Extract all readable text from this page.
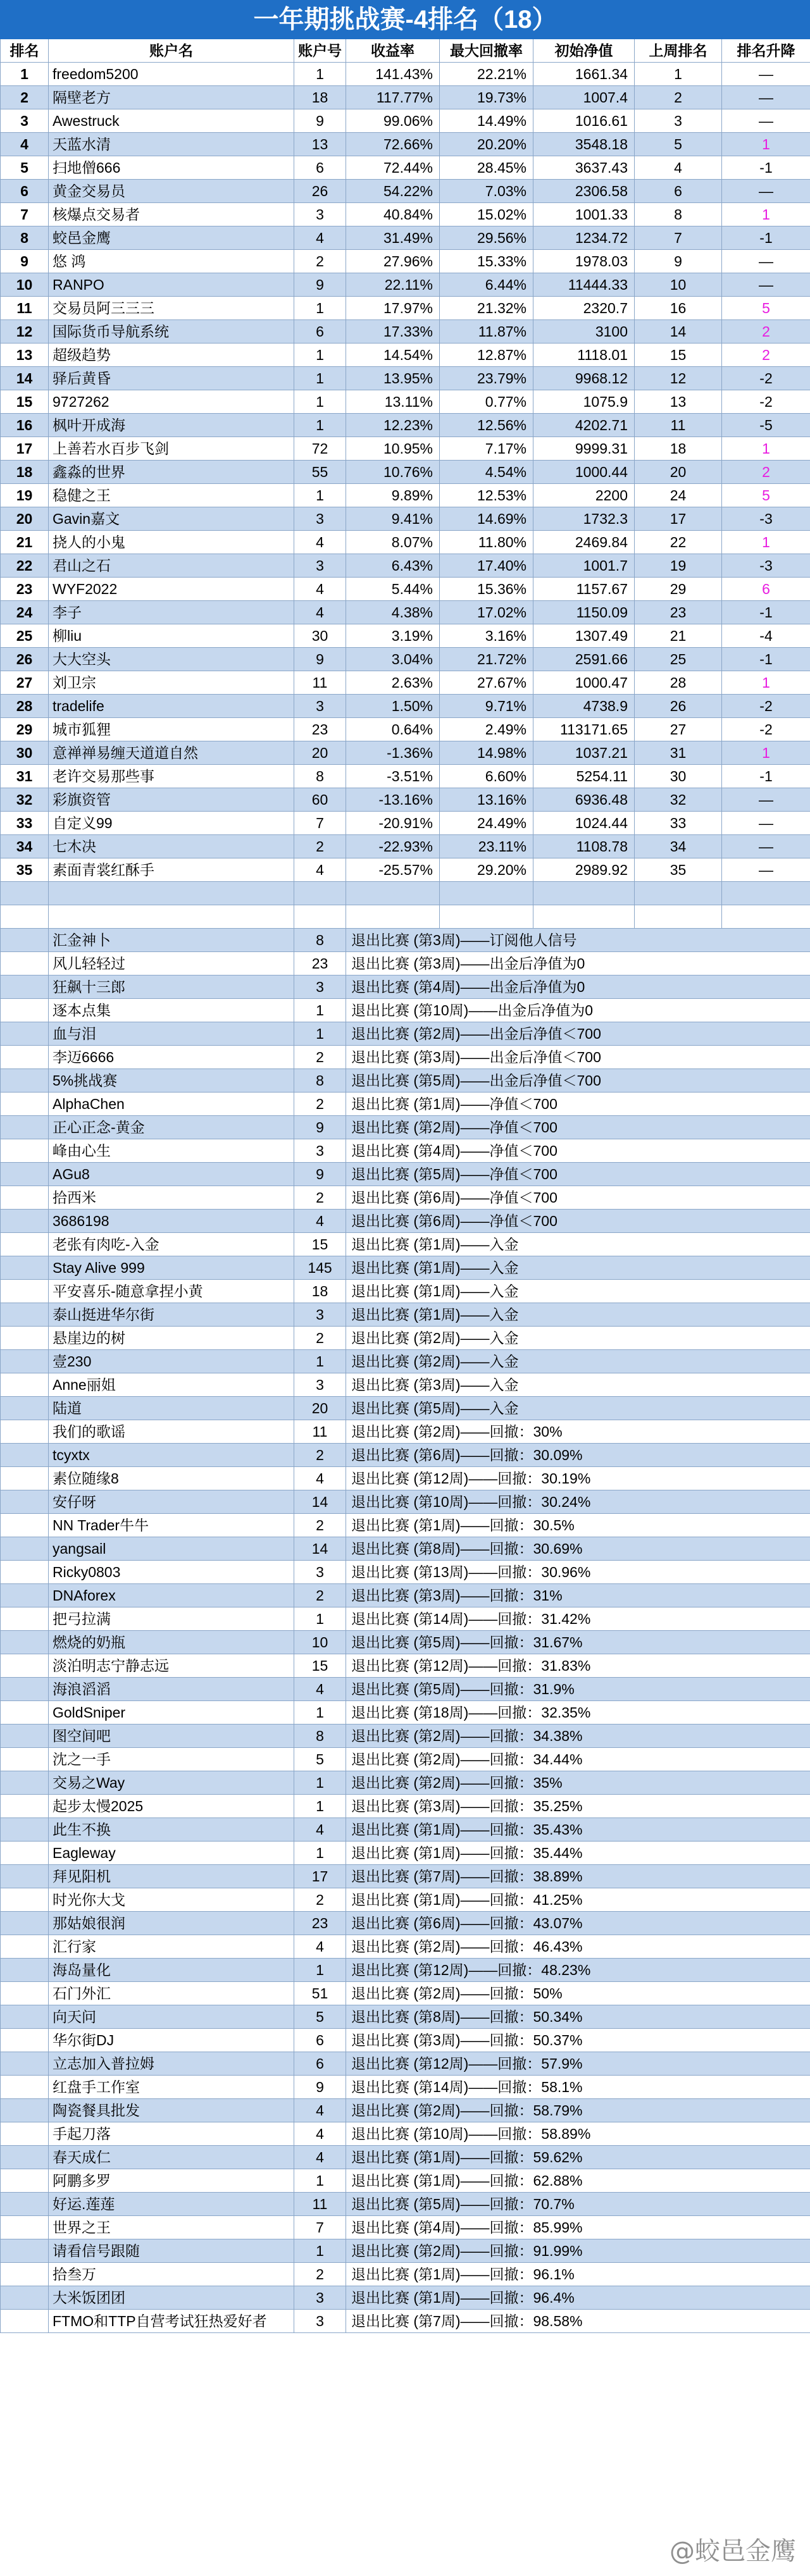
一年期挑战赛-4排名（18）							
排名	账户名	账户号	收益率	最大回撤率	初始净值	上周排名	排名升降
1	freedom5200	1	141.43%	22.21%	1661.34	1	—
2	隔壁老方	18	117.77%	19.73%	1007.4	2	—
3	Awestruck	9	99.06%	14.49%	1016.61	3	—
4	天蓝水清	13	72.66%	20.20%	3548.18	5	1
5	扫地僧666	6	72.44%	28.45%	3637.43	4	-1
6	黄金交易员	26	54.22%	7.03%	2306.58	6	—
7	核爆点交易者	3	40.84%	15.02%	1001.33	8	1
8	蛟邑金鹰	4	31.49%	29.56%	1234.72	7	-1
9	悠 鸿	2	27.96%	15.33%	1978.03	9	—
10	RANPO	9	22.11%	6.44%	11444.33	10	—
11	交易员阿三三三	1	17.97%	21.32%	2320.7	16	5
12	国际货币导航系统	6	17.33%	11.87%	3100	14	2
13	超级趋势	1	14.54%	12.87%	1118.01	15	2
14	驿后黄昏	1	13.95%	23.79%	9968.12	12	-2
15	9727262	1	13.11%	0.77%	1075.9	13	-2
16	枫叶开成海	1	12.23%	12.56%	4202.71	11	-5
17	上善若水百步飞剑	72	10.95%	7.17%	9999.31	18	1
18	鑫淼的世界	55	10.76%	4.54%	1000.44	20	2
19	稳健之王	1	9.89%	12.53%	2200	24	5
20	Gavin嘉文	3	9.41%	14.69%	1732.3	17	-3
21	挠人的小鬼	4	8.07%	11.80%	2469.84	22	1
22	君山之石	3	6.43%	17.40%	1001.7	19	-3
23	WYF2022	4	5.44%	15.36%	1157.67	29	6
24	李子	4	4.38%	17.02%	1150.09	23	-1
25	柳liu	30	3.19%	3.16%	1307.49	21	-4
26	大大空头	9	3.04%	21.72%	2591.66	25	-1
27	刘卫宗	11	2.63%	27.67%	1000.47	28	1
28	tradelife	3	1.50%	9.71%	4738.9	26	-2
29	城市狐狸	23	0.64%	2.49%	113171.65	27	-2
30	意禅禅易缠天道道自然	20	-1.36%	14.98%	1037.21	31	1
31	老许交易那些事	8	-3.51%	6.60%	5254.11	30	-1
32	彩旗资管	60	-13.16%	13.16%	6936.48	32	—
33	自定义99	7	-20.91%	24.49%	1024.44	33	—
34	七木决	2	-22.93%	23.11%	1108.78	34	—
35	素面青裳红酥手	4	-25.57%	29.20%	2989.92	35	—

	汇金神卜	8	退出比赛 (第3周)——订阅他人信号				
	风儿轻轻过	23	退出比赛 (第3周)——出金后净值为0				
	狂飙十三郎	3	退出比赛 (第4周)——出金后净值为0				
	逐本点集	1	退出比赛 (第10周)——出金后净值为0				
	血与泪	1	退出比赛 (第2周)——出金后净值＜700				
	李迈6666	2	退出比赛 (第3周)——出金后净值＜700				
	5%挑战赛	8	退出比赛 (第5周)——出金后净值＜700				
	AlphaChen	2	退出比赛 (第1周)——净值＜700				
	正心正念-黄金	9	退出比赛 (第2周)——净值＜700				
	峰由心生	3	退出比赛 (第4周)——净值＜700				
	AGu8	9	退出比赛 (第5周)——净值＜700				
	拾西米	2	退出比赛 (第6周)——净值＜700				
	3686198	4	退出比赛 (第6周)——净值＜700				
	老张有肉吃-入金	15	退出比赛 (第1周)——入金				
	Stay Alive 999	145	退出比赛 (第1周)——入金				
	平安喜乐-随意拿捏小黄	18	退出比赛 (第1周)——入金				
	泰山挺进华尔街	3	退出比赛 (第1周)——入金				
	悬崖边的树	2	退出比赛 (第2周)——入金				
	壹230	1	退出比赛 (第2周)——入金				
	Anne丽姐	3	退出比赛 (第3周)——入金				
	陆道	20	退出比赛 (第5周)——入金				
	我们的歌谣	11	退出比赛 (第2周)——回撤：30%				
	tcyxtx	2	退出比赛 (第6周)——回撤：30.09%				
	素位随缘8	4	退出比赛 (第12周)——回撤：30.19%				
	安仔呀	14	退出比赛 (第10周)——回撤：30.24%				
	NN Trader牛牛	2	退出比赛 (第1周)——回撤：30.5%				
	yangsail	14	退出比赛 (第8周)——回撤：30.69%				
	Ricky0803	3	退出比赛 (第13周)——回撤：30.96%				
	DNAforex	2	退出比赛 (第3周)——回撤：31%				
	把弓拉满	1	退出比赛 (第14周)——回撤：31.42%				
	燃烧的奶瓶	10	退出比赛 (第5周)——回撤：31.67%				
	淡泊明志宁静志远	15	退出比赛 (第12周)——回撤：31.83%				
	海浪滔滔	4	退出比赛 (第5周)——回撤：31.9%				
	GoldSniper	1	退出比赛 (第18周)——回撤：32.35%				
	图空间吧	8	退出比赛 (第2周)——回撤：34.38%				
	沈之一手	5	退出比赛 (第2周)——回撤：34.44%				
	交易之Way	1	退出比赛 (第2周)——回撤：35%				
	起步太慢2025	1	退出比赛 (第3周)——回撤：35.25%				
	此生不换	4	退出比赛 (第1周)——回撤：35.43%				
	Eagleway	1	退出比赛 (第1周)——回撤：35.44%				
	拜见阳机	17	退出比赛 (第7周)——回撤：38.89%				
	时光你大戈	2	退出比赛 (第1周)——回撤：41.25%				
	那姑娘很润	23	退出比赛 (第6周)——回撤：43.07%				
	汇行家	4	退出比赛 (第2周)——回撤：46.43%				
	海岛量化	1	退出比赛 (第12周)——回撤：48.23%				
	石门外汇	51	退出比赛 (第2周)——回撤：50%				
	向天问	5	退出比赛 (第8周)——回撤：50.34%				
	华尔街DJ	6	退出比赛 (第3周)——回撤：50.37%				
	立志加入普拉姆	6	退出比赛 (第12周)——回撤：57.9%				
	红盘手工作室	9	退出比赛 (第14周)——回撤：58.1%				
	陶瓷餐具批发	4	退出比赛 (第2周)——回撤：58.79%				
	手起刀落	4	退出比赛 (第10周)——回撤：58.89%				
	春天成仁	4	退出比赛 (第1周)——回撤：59.62%				
	阿鹏多罗	1	退出比赛 (第1周)——回撤：62.88%				
	好运.莲莲	11	退出比赛 (第5周)——回撤：70.7%				
	世界之王	7	退出比赛 (第4周)——回撤：85.99%				
	请看信号跟随	1	退出比赛 (第2周)——回撤：91.99%				
	拾叁万	2	退出比赛 (第1周)——回撤：96.1%				
	大米饭团团	3	退出比赛 (第1周)——回撤：96.4%				
	FTMO和TTP自营考试狂热爱好者	3	退出比赛 (第7周)——回撤：98.58%				
@蛟邑金鹰
